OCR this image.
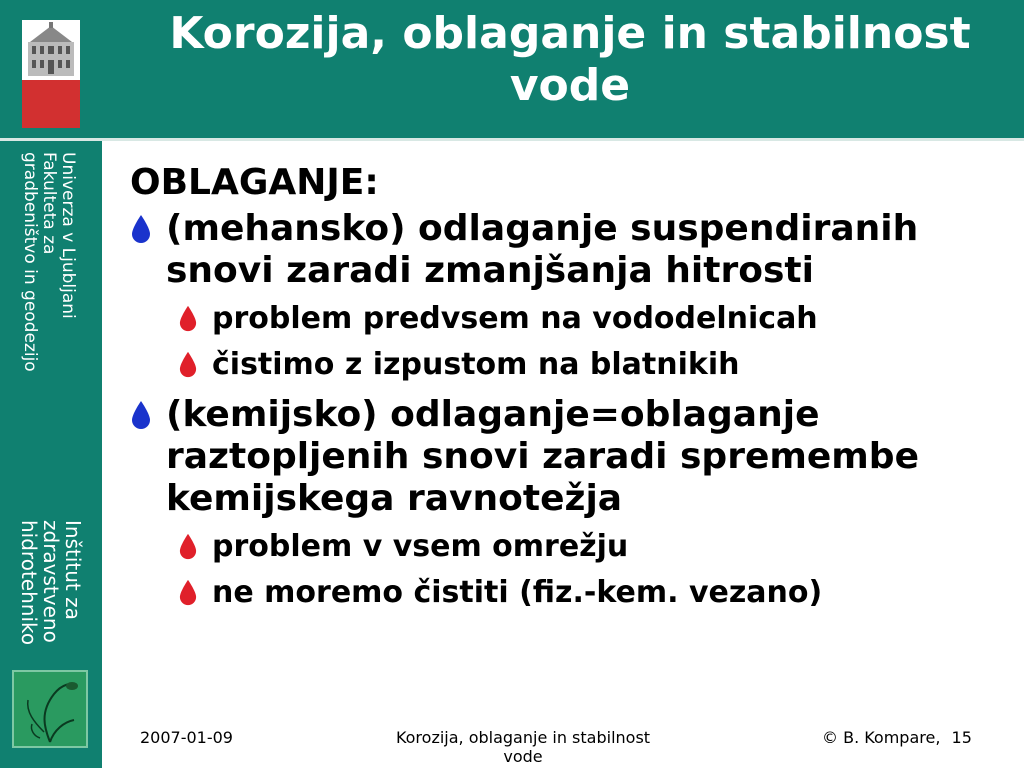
Korozija, oblaganje in stabilnost vode
Univerza v Ljubljani
Fakulteta za
gradbeništvo in geodezijo
Inštitut za
zdravstveno
hidrotehniko
OBLAGANJE:
(mehansko) odlaganje suspendiranih snovi zaradi zmanjšanja hitrosti
problem predvsem na vododelnicah
čistimo z izpustom na blatnikih
(kemijsko) odlaganje=oblaganje raztopljenih snovi zaradi spremembe kemijskega ravnotežja
problem v vsem omrežju
ne moremo čistiti (fiz.-kem. vezano)
2007-01-09	Korozija, oblaganje in stabilnost vode
© B. Kompare, 15
